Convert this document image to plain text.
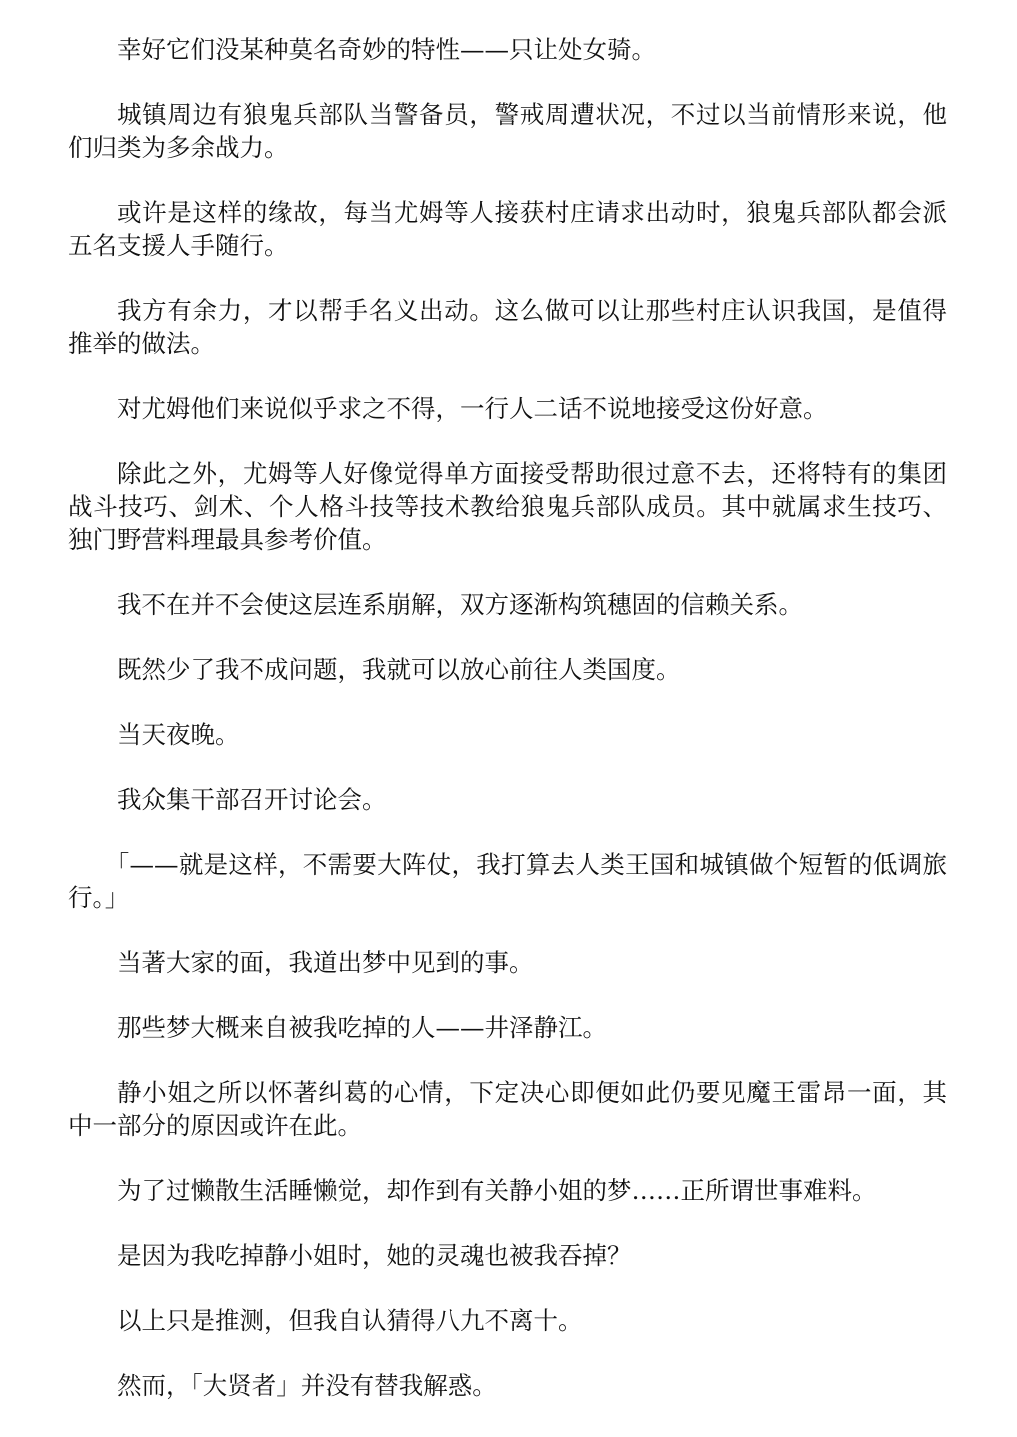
幸好它们没某种莫名奇妙的特性——只让处女骑。

城镇周边有狼鬼兵部队当警备员，警戒周遭状况，不过以当前情形来说，他们归类为多余战力。

或许是这样的缘故，每当尤姆等人接获村庄请求出动时，狼鬼兵部队都会派五名支援人手随行。

我方有余力，才以帮手名义出动。这么做可以让那些村庄认识我国，是值得推举的做法。

对尤姆他们来说似乎求之不得，一行人二话不说地接受这份好意。

除此之外，尤姆等人好像觉得单方面接受帮助很过意不去，还将特有的集团战斗技巧、剑术、个人格斗技等技术教给狼鬼兵部队成员。其中就属求生技巧、独门野营料理最具参考价值。

我不在并不会使这层连系崩解，双方逐渐构筑穗固的信赖关系。

既然少了我不成问题，我就可以放心前往人类国度。

当天夜晚。

我众集干部召开讨论会。

「——就是这样，不需要大阵仗，我打算去人类王国和城镇做个短暂的低调旅行。」

当著大家的面，我道出梦中见到的事。

那些梦大概来自被我吃掉的人——井泽静江。

静小姐之所以怀著纠葛的心情，下定决心即便如此仍要见魔王雷昂一面，其中一部分的原因或许在此。

为了过懒散生活睡懒觉，却作到有关静小姐的梦……正所谓世事难料。

是因为我吃掉静小姐时，她的灵魂也被我吞掉？

以上只是推测，但我自认猜得八九不离十。

然而，「大贤者」并没有替我解惑。
